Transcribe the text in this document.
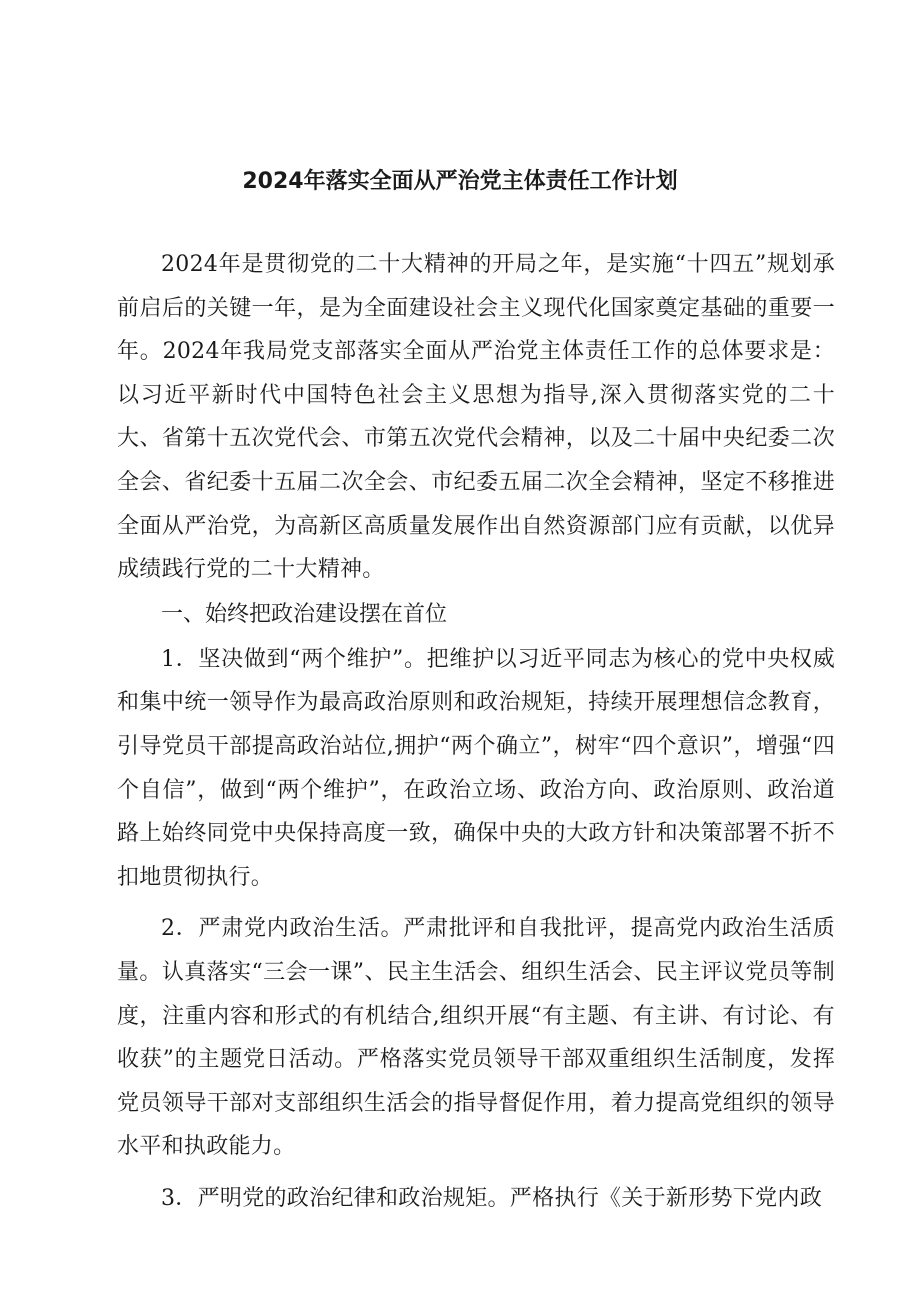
2024年落实全面从严治党主体责任工作计划

2024年是贯彻党的二十大精神的开局之年，是实施“十四五”规划承前启后的关键一年，是为全面建设社会主义现代化国家奠定基础的重要一年。2024年我局党支部落实全面从严治党主体责任工作的总体要求是：以习近平新时代中国特色社会主义思想为指导,深入贯彻落实党的二十大、省第十五次党代会、市第五次党代会精神，以及二十届中央纪委二次全会、省纪委十五届二次全会、市纪委五届二次全会精神，坚定不移推进全面从严治党，为高新区高质量发展作出自然资源部门应有贡献，以优异成绩践行党的二十大精神。

一、始终把政治建设摆在首位

1．坚决做到“两个维护”。把维护以习近平同志为核心的党中央权威和集中统一领导作为最高政治原则和政治规矩，持续开展理想信念教育，引导党员干部提高政治站位,拥护“两个确立”，树牢“四个意识”，增强“四个自信”，做到“两个维护”，在政治立场、政治方向、政治原则、政治道路上始终同党中央保持高度一致，确保中央的大政方针和决策部署不折不扣地贯彻执行。

2．严肃党内政治生活。严肃批评和自我批评，提高党内政治生活质量。认真落实“三会一课”、民主生活会、组织生活会、民主评议党员等制度，注重内容和形式的有机结合,组织开展“有主题、有主讲、有讨论、有收获”的主题党日活动。严格落实党员领导干部双重组织生活制度，发挥党员领导干部对支部组织生活会的指导督促作用，着力提高党组织的领导水平和执政能力。

3．严明党的政治纪律和政治规矩。严格执行《关于新形势下党内政
